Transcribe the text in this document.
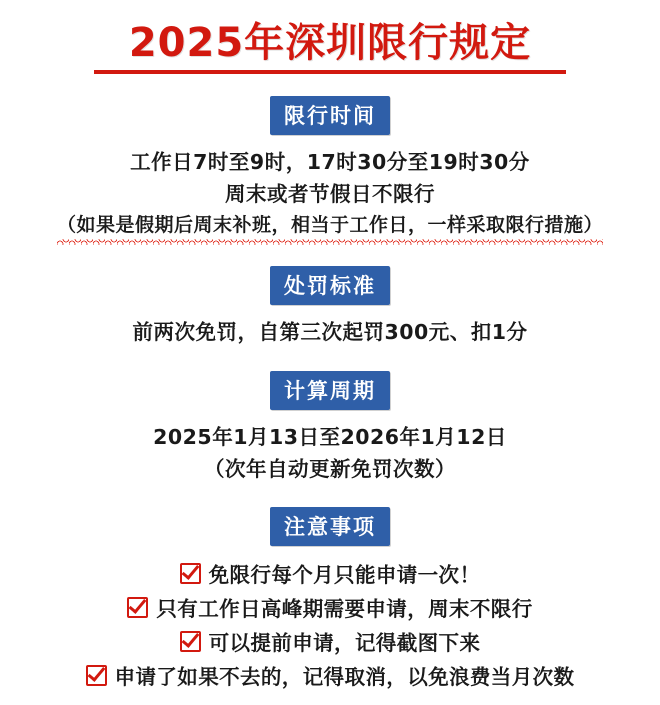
2025年深圳限行规定
限行时间
工作日7时至9时，17时30分至19时30分
周末或者节假日不限行
（如果是假期后周末补班，相当于工作日，一样采取限行措施）
处罚标准
前两次免罚，自第三次起罚300元、扣1分
计算周期
2025年1月13日至2026年1月12日
（次年自动更新免罚次数）
注意事项
免限行每个月只能申请一次！
只有工作日高峰期需要申请，周末不限行
可以提前申请，记得截图下来
申请了如果不去的，记得取消，以免浪费当月次数
